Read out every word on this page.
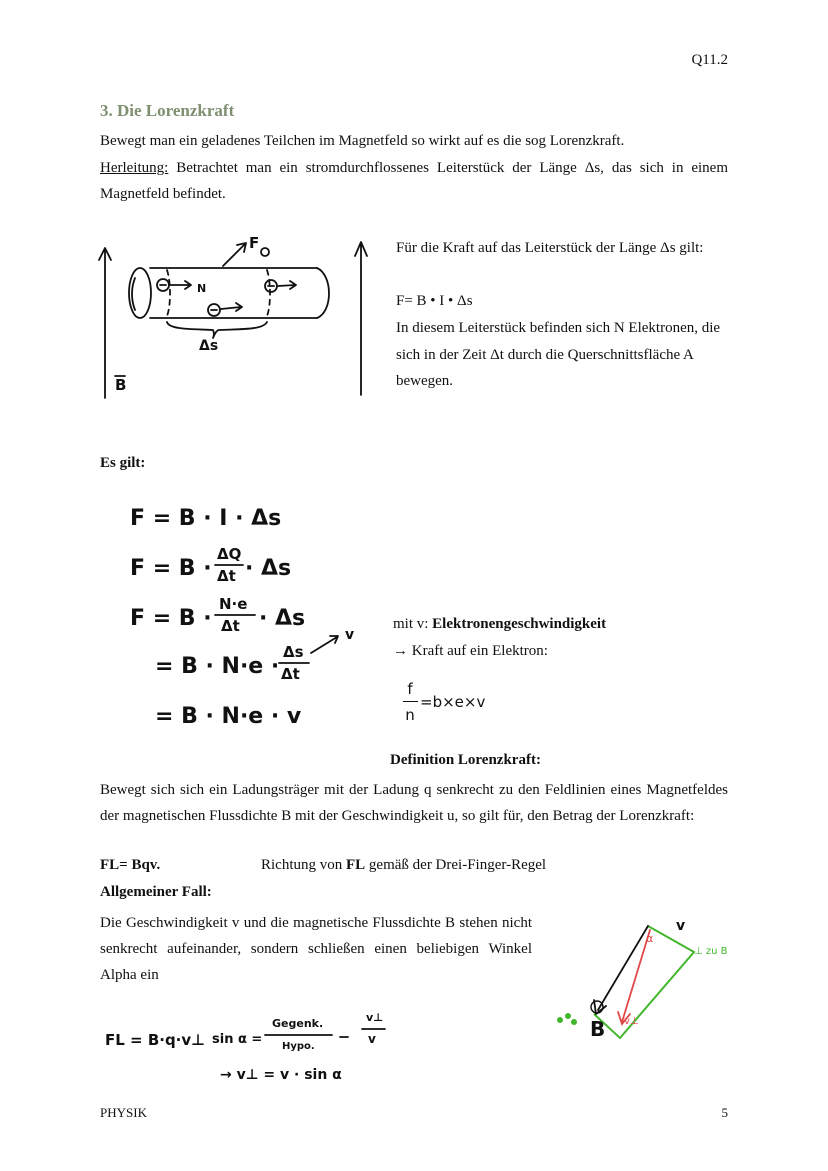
Q11.2
3. Die Lorenzkraft
Bewegt man ein geladenes Teilchen im Magnetfeld so wirkt auf es die sog Lorenzkraft.
Herleitung: Betrachtet man ein stromdurchflossenes Leiterstück der Länge Δs, das sich in einem Magnetfeld befindet.
N
F
Δs
B
Für die Kraft auf das Leiterstück der Länge Δs gilt:
F= B • I • Δs
In diesem Leiterstück befinden sich N Elektronen, die sich in der Zeit Δt durch die Querschnittsfläche A bewegen.
Es gilt:
F = B · I · Δs
F = B ·
ΔQ
Δt · Δs
F = B ·
N·e
Δt · Δs
= B · N·e ·
Δs
Δt
v
= B · N·e · v
mit v: Elektronengeschwindigkeit
→ Kraft auf ein Elektron:
f
n
=b×e×v
Definition Lorenzkraft:
Bewegt sich sich ein Ladungsträger mit der Ladung q senkrecht zu den Feldlinien eines Magnetfeldes der magnetischen Flussdichte B mit der Geschwindigkeit u, so gilt für, den Betrag der Lorenzkraft:
FL= Bqv.	Richtung von FL gemäß der Drei-Finger-Regel
Allgemeiner Fall:
Die Geschwindigkeit v und die magnetische Flussdichte B stehen nicht senkrecht aufeinander, sondern schließen einen beliebigen Winkel Alpha ein
FL = B·q·v⊥ sin α =
Gegenk.
Hypo.
v⊥
v
→ v⊥ = v · sin α
α
v⊥
v
⊥ zu B
B
PHYSIK	5
